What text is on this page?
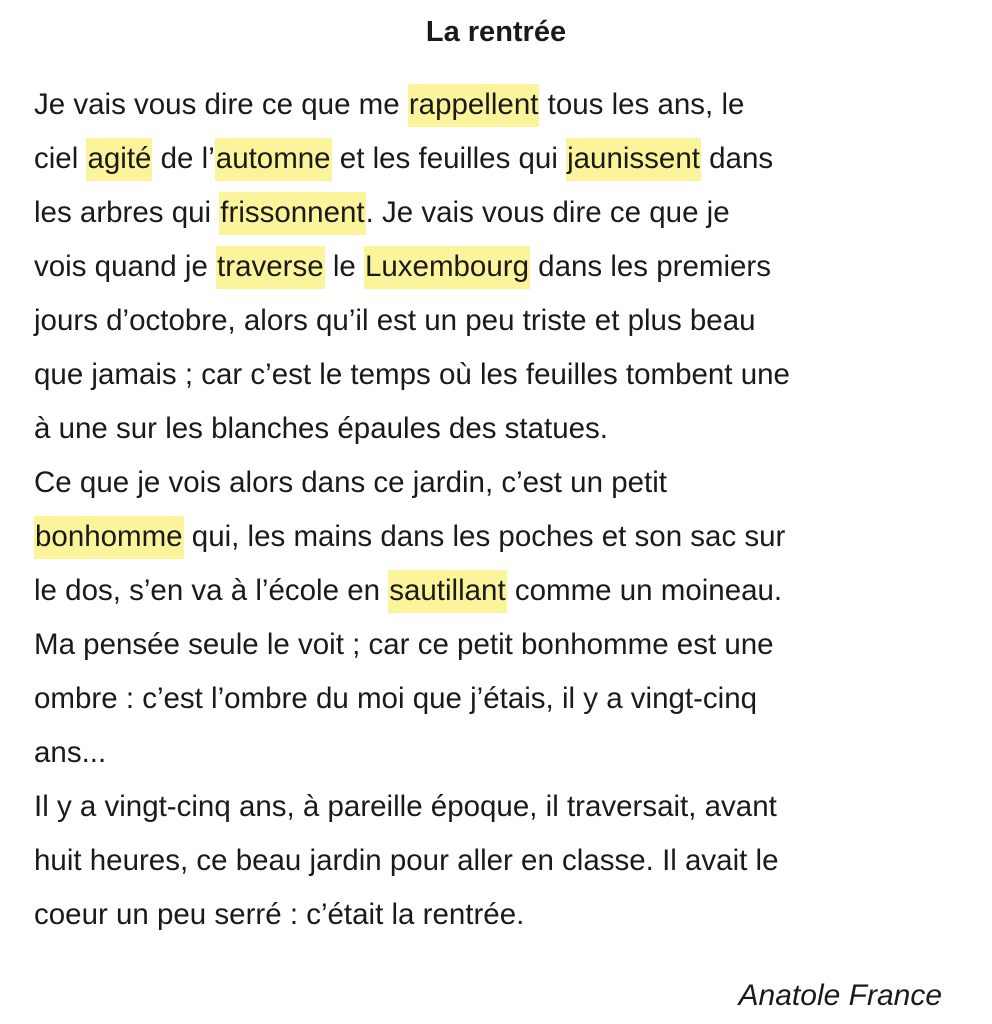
La rentrée
Je vais vous dire ce que me rappellent tous les ans, le
ciel agité de l’automne et les feuilles qui jaunissent dans
les arbres qui frissonnent. Je vais vous dire ce que je
vois quand je traverse le Luxembourg dans les premiers
jours d’octobre, alors qu’il est un peu triste et plus beau
que jamais ; car c’est le temps où les feuilles tombent une
à une sur les blanches épaules des statues.
Ce que je vois alors dans ce jardin, c’est un petit
bonhomme qui, les mains dans les poches et son sac sur
le dos, s’en va à l’école en sautillant comme un moineau.
Ma pensée seule le voit ; car ce petit bonhomme est une
ombre : c’est l’ombre du moi que j’étais, il y a vingt-cinq
ans...
Il y a vingt-cinq ans, à pareille époque, il traversait, avant
huit heures, ce beau jardin pour aller en classe. Il avait le
coeur un peu serré : c’était la rentrée.
Anatole France
